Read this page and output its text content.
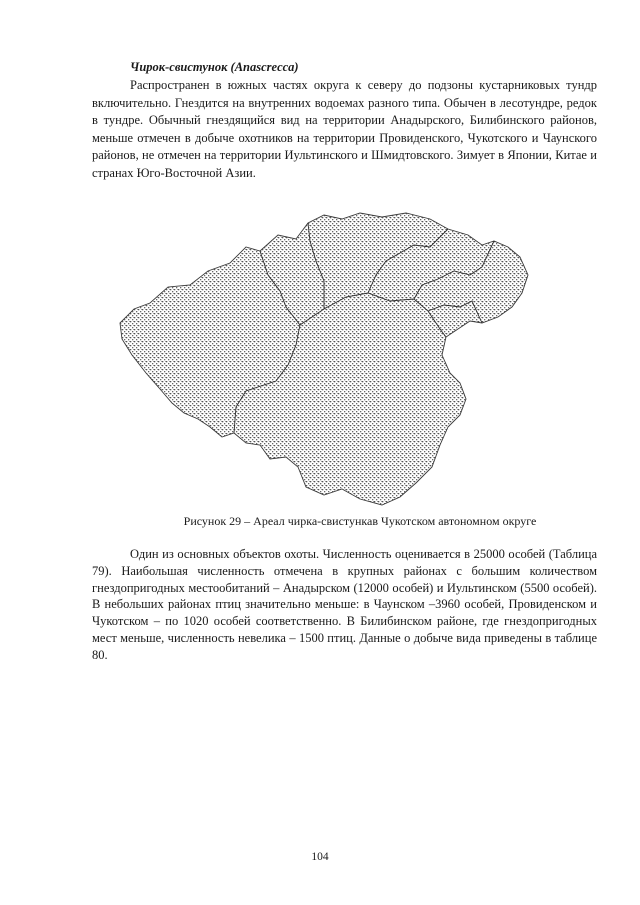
Чирок-свистунок (Anascrecca)

Распространен в южных частях округа к северу до подзоны кустарниковых тундр включительно. Гнездится на внутренних водоемах разного типа. Обычен в лесотундре, редок в тундре. Обычный гнездящийся вид на территории Анадырского, Билибинского районов, меньше отмечен в добыче охотников на территории Провиденского, Чукотского и Чаунского районов, не отмечен на территории Иультинского и Шмидтовского. Зимует в Японии, Китае и странах Юго-Восточной Азии.

Рисунок 29 – Ареал чирка-свистункав Чукотском автономном округе

Один из основных объектов охоты. Численность оценивается в 25000 особей (Таблица 79). Наибольшая численность отмечена в крупных районах с большим количеством гнездопригодных местообитаний – Анадырском (12000 особей) и Иультинском (5500 особей). В небольших районах птиц значительно меньше: в Чаунском –3960 особей, Провиденском и Чукотском – по 1020 особей соответственно. В Билибинском районе, где гнездопригодных мест меньше, численность невелика – 1500 птиц. Данные о добыче вида приведены в таблице 80.

104
